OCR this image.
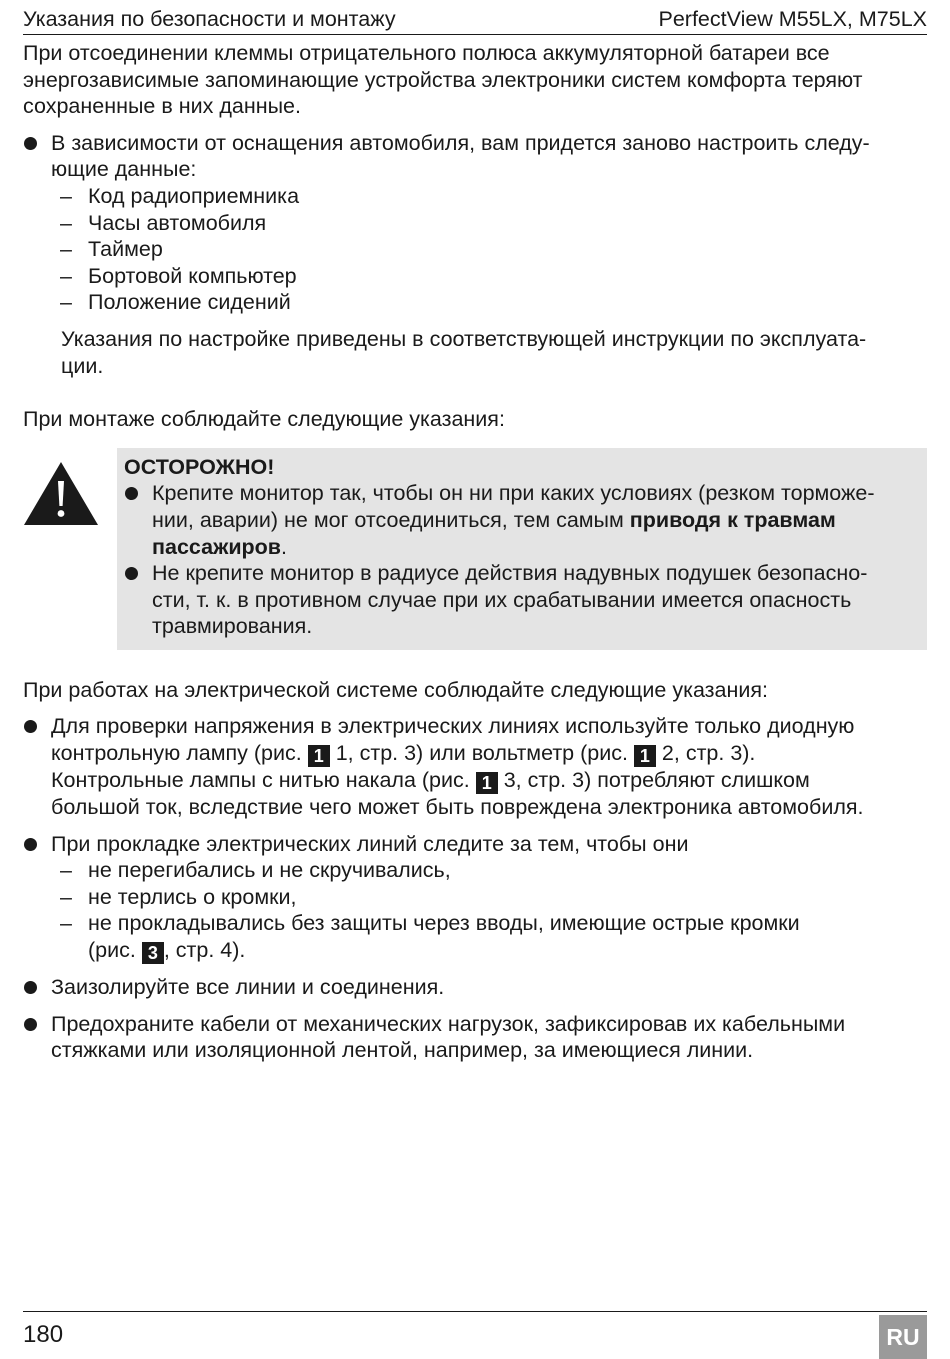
Указания по безопасности и монтажу	PerfectView M55LX, M75LX

При отсоединении клеммы отрицательного полюса аккумуляторной батареи все энергозависимые запоминающие устройства электроники систем комфорта теряют сохраненные в них данные.

В зависимости от оснащения автомобиля, вам придется заново настроить следу-
ющие данные:
– Код радиоприемника
– Часы автомобиля
– Таймер
– Бортовой компьютер
– Положение сидений
Указания по настройке приведены в соответствующей инструкции по эксплуата-
ции.

При монтаже соблюдайте следующие указания:

ОСТОРОЖНО!
Крепите монитор так, чтобы он ни при каких условиях (резком торможе-
нии, аварии) не мог отсоединиться, тем самым приводя к травмам
пассажиров.
Не крепите монитор в радиусе действия надувных подушек безопасно-
сти, т. к. в противном случае при их срабатывании имеется опасность
травмирования.

При работах на электрической системе соблюдайте следующие указания:

Для проверки напряжения в электрических линиях используйте только диодную
контрольную лампу (рис. 1 1, стр. 3) или вольтметр (рис. 1 2, стр. 3).
Контрольные лампы с нитью накала (рис. 1 3, стр. 3) потребляют слишком
большой ток, вследствие чего может быть повреждена электроника автомобиля.
При прокладке электрических линий следите за тем, чтобы они
– не перегибались и не скручивались,
– не терлись о кромки,
– не прокладывались без защиты через вводы, имеющие острые кромки
(рис. 3 , стр. 4).
Заизолируйте все линии и соединения.
Предохраните кабели от механических нагрузок, зафиксировав их кабельными
стяжками или изоляционной лентой, например, за имеющиеся линии.
180	RU
